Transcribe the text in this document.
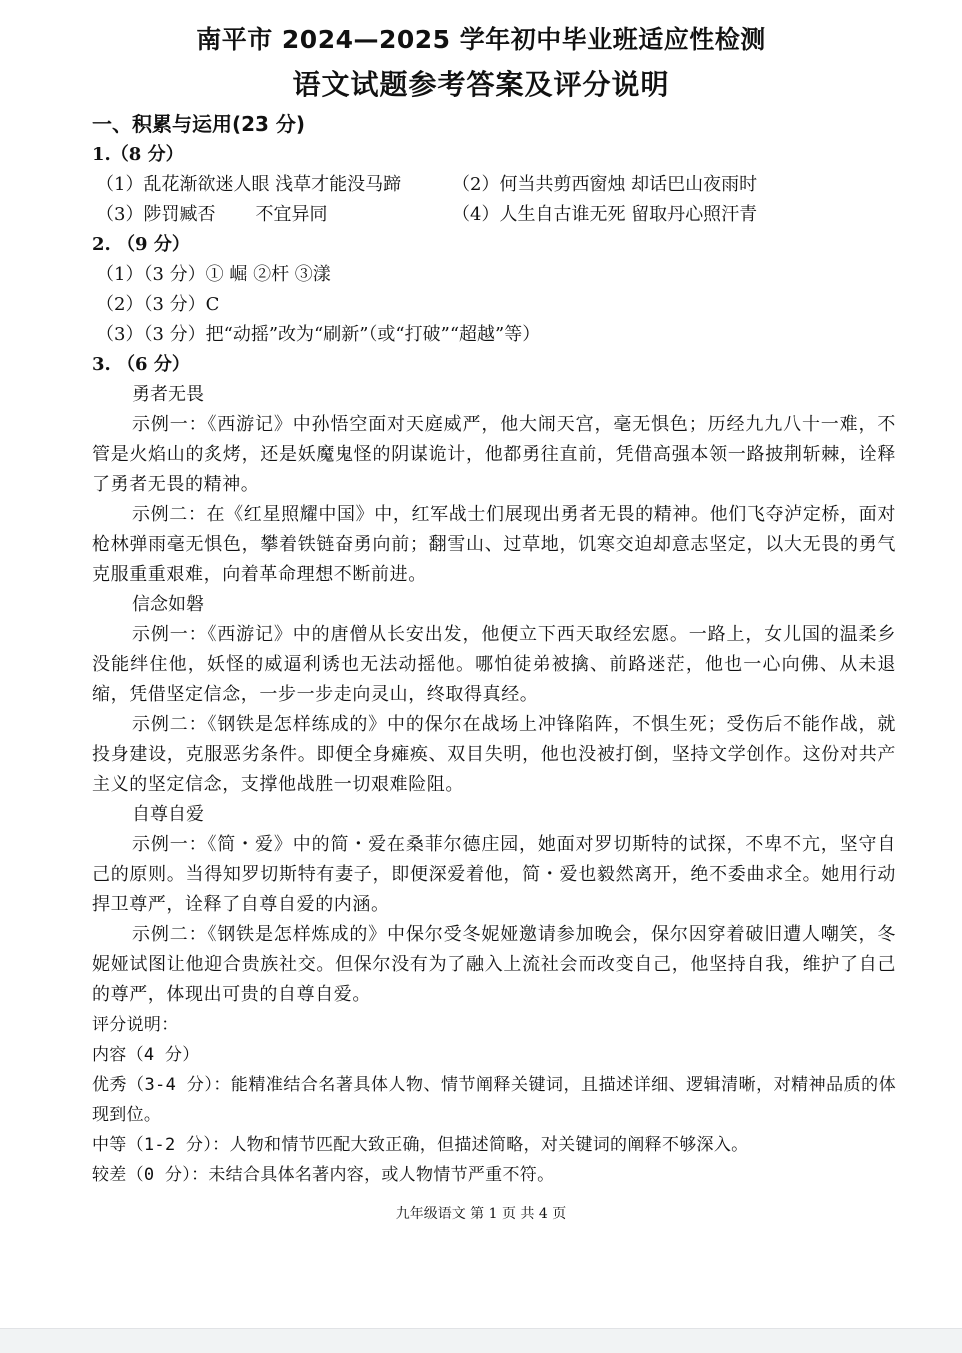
南平市 2024—2025 学年初中毕业班适应性检测
语文试题参考答案及评分说明
一、积累与运用(23 分)
1.（8 分）
（1）乱花渐欲迷人眼 浅草才能没马蹄	（2）何当共剪西窗烛 却话巴山夜雨时
（3）陟罚臧否 不宜异同	（4）人生自古谁无死 留取丹心照汗青
2. （9 分）
（1）（3 分）① 崛 ②杆 ③漾
（2）（3 分）C
（3）（3 分）把“动摇”改为“刷新”（或“打破”“超越”等）
3. （6 分）
勇者无畏
示例一：《西游记》中孙悟空面对天庭威严，他大闹天宫，毫无惧色；历经九九八十一难，不管是火焰山的炙烤，还是妖魔鬼怪的阴谋诡计，他都勇往直前，凭借高强本领一路披荆斩棘，诠释了勇者无畏的精神。
示例二：在《红星照耀中国》中，红军战士们展现出勇者无畏的精神。他们飞夺泸定桥，面对枪林弹雨毫无惧色，攀着铁链奋勇向前；翻雪山、过草地，饥寒交迫却意志坚定，以大无畏的勇气克服重重艰难，向着革命理想不断前进。
信念如磐
示例一：《西游记》中的唐僧从长安出发，他便立下西天取经宏愿。一路上，女儿国的温柔乡没能绊住他，妖怪的威逼利诱也无法动摇他。哪怕徒弟被擒、前路迷茫，他也一心向佛、从未退缩，凭借坚定信念，一步一步走向灵山，终取得真经。
示例二：《钢铁是怎样练成的》中的保尔在战场上冲锋陷阵，不惧生死；受伤后不能作战，就投身建设，克服恶劣条件。即便全身瘫痪、双目失明，他也没被打倒，坚持文学创作。这份对共产主义的坚定信念，支撑他战胜一切艰难险阻。
自尊自爱
示例一：《简・爱》中的简・爱在桑菲尔德庄园，她面对罗切斯特的试探，不卑不亢，坚守自己的原则。当得知罗切斯特有妻子，即便深爱着他，简・爱也毅然离开，绝不委曲求全。她用行动捍卫尊严，诠释了自尊自爱的内涵。
示例二：《钢铁是怎样炼成的》中保尔受冬妮娅邀请参加晚会，保尔因穿着破旧遭人嘲笑，冬妮娅试图让他迎合贵族社交。但保尔没有为了融入上流社会而改变自己，他坚持自我，维护了自己的尊严，体现出可贵的自尊自爱。
评分说明：
内容（4 分）
优秀（3-4 分）：能精准结合名著具体人物、情节阐释关键词，且描述详细、逻辑清晰，对精神品质的体现到位。
中等（1-2 分）：人物和情节匹配大致正确，但描述简略，对关键词的阐释不够深入。
较差（0 分）：未结合具体名著内容，或人物情节严重不符。
九年级语文 第 1 页 共 4 页
